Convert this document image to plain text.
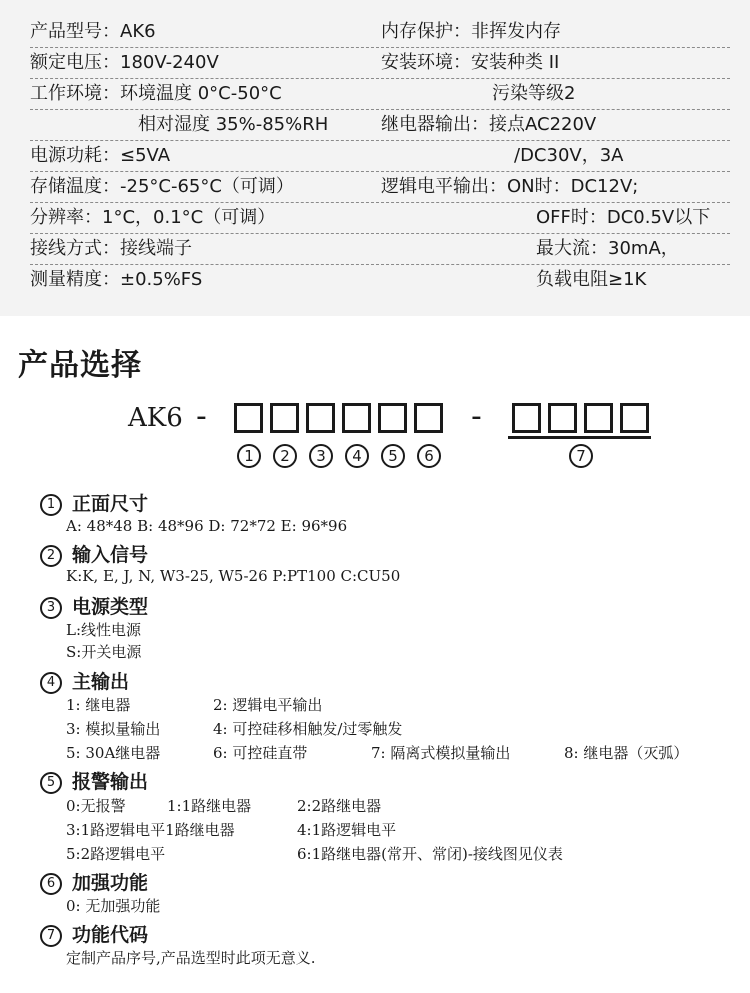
产品型号：AK6	内存保护：非挥发内存
额定电压：180V-240V	安装环境：安装种类 II
工作环境：环境温度 0°C-50°C	污染等级2
相对湿度 35%-85%RH	继电器输出：接点AC220V
电源功耗：≤5VA	/DC30V，3A
存储温度：-25°C-65°C（可调）	逻辑电平输出：ON时：DC12V;
分辨率：1°C，0.1°C（可调）	OFF时：DC0.5V以下
接线方式：接线端子	最大流：30mA，
测量精度：±0.5%FS	负载电阻≥1K
产品选择
AK6 -	-
1	2	3	4	5	6	7
1 正面尺寸
A: 48*48 B: 48*96 D: 72*72 E: 96*96
2 输入信号
K:K, E, J, N, W3-25, W5-26 P:PT100 C:CU50
3 电源类型
L:线性电源
S:开关电源
4 主输出
1: 继电器	2: 逻辑电平输出
3: 模拟量输出	4: 可控硅移相触发/过零触发
5: 30A继电器	6: 可控硅直带	7: 隔离式模拟量输出	8: 继电器（灭弧）
5 报警输出
0:无报警	1:1路继电器	2:2路继电器
3:1路逻辑电平1路继电器	4:1路逻辑电平
5:2路逻辑电平	6:1路继电器(常开、常闭)-接线图见仪表
6 加强功能
0: 无加强功能
7 功能代码
定制产品序号,产品选型时此项无意义.
